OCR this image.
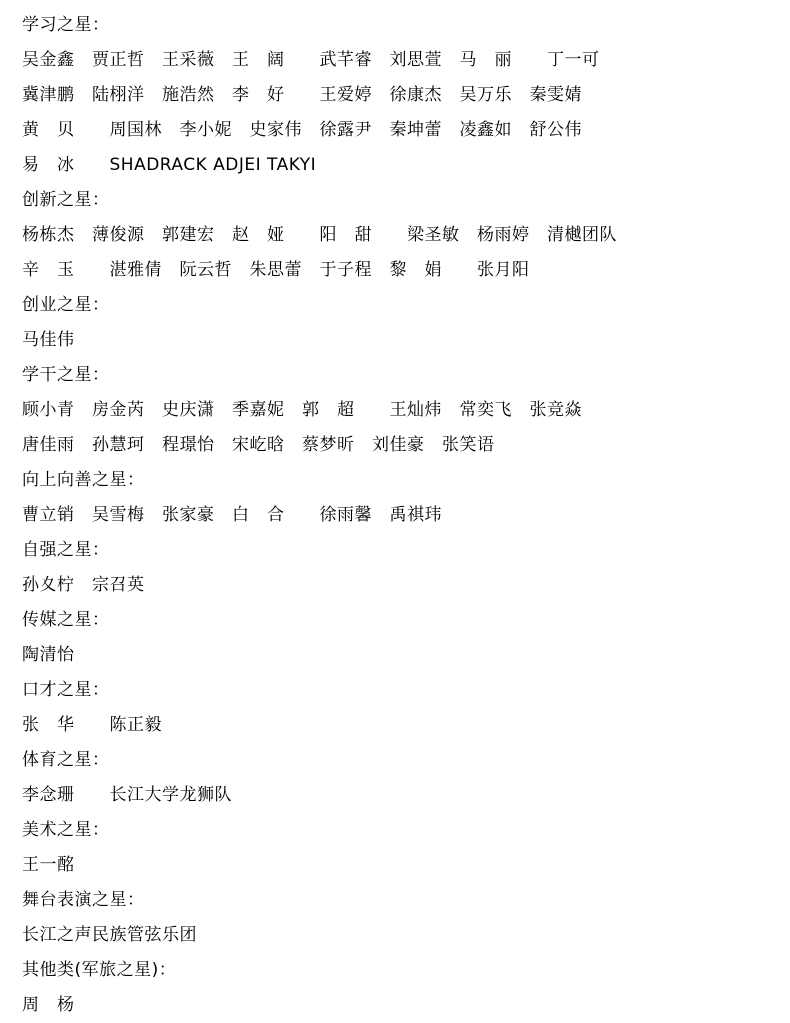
学习之星：
吴金鑫　贾正哲　王采薇　王　阔　　武芊睿　刘思萱　马　丽　　丁一可
冀津鹏　陆栩洋　施浩然　李　好　　王爱婷　徐康杰　吴万乐　秦雯婧
黄　贝　　周国林　李小妮　史家伟　徐露尹　秦坤蕾　凌鑫如　舒公伟
易　冰　　SHADRACK ADJEI TAKYI
创新之星：
杨栋杰　薄俊源　郭建宏　赵　娅　　阳　甜　　梁圣敏　杨雨婷　清樾团队
辛　玉　　湛雅倩　阮云哲　朱思蕾　于子程　黎　娟　　张月阳
创业之星：
马佳伟
学干之星：
顾小青　房金芮　史庆潇　季嘉妮　郭　超　　王灿炜　常奕飞　张竞焱
唐佳雨　孙慧珂　程璟怡　宋屹晗　蔡梦昕　刘佳豪　张笑语
向上向善之星：
曹立销　吴雪梅　张家豪　白　合　　徐雨馨　禹祺玮
自强之星：
孙夊柠　宗召英
传媒之星：
陶清怡
口才之星：
张　华　　陈正毅
体育之星：
李念珊　　长江大学龙狮队
美术之星：
王一酩
舞台表演之星：
长江之声民族管弦乐团
其他类(军旅之星)：
周　杨
